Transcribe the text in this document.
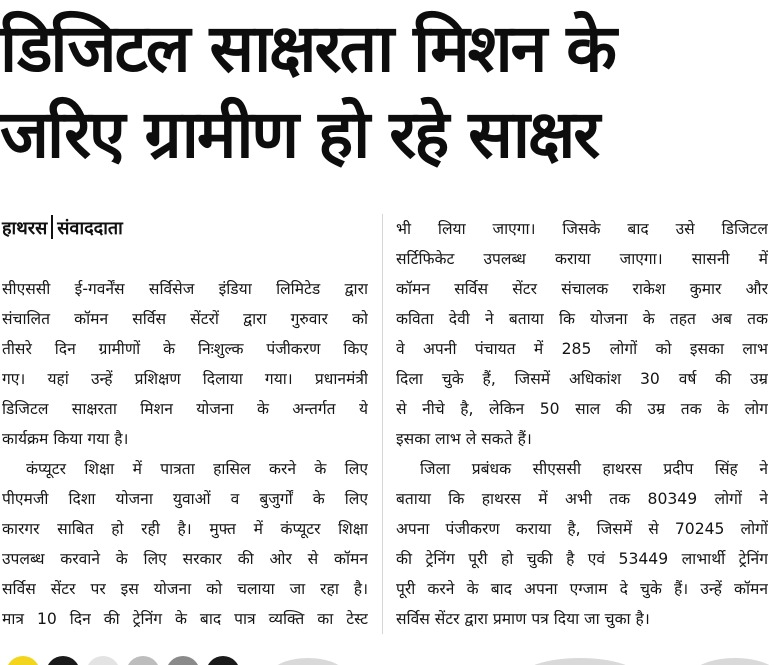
डिजिटल साक्षरता मिशन के
जरिए ग्रामीण हो रहे साक्षर
हाथरस संवाददाता
सीएससी ई-गवर्नेंस सर्विसेज इंडिया लिमिटेड द्वारा
संचालित कॉमन सर्विस सेंटरों द्वारा गुरुवार को
तीसरे दिन ग्रामीणों के निःशुल्क पंजीकरण किए
गए। यहां उन्हें प्रशिक्षण दिलाया गया। प्रधानमंत्री
डिजिटल साक्षरता मिशन योजना के अन्तर्गत ये
कार्यक्रम किया गया है।
कंप्यूटर शिक्षा में पात्रता हासिल करने के लिए
पीएमजी दिशा योजना युवाओं व बुजुर्गों के लिए
कारगर साबित हो रही है। मुफ्त में कंप्यूटर शिक्षा
उपलब्ध करवाने के लिए सरकार की ओर से कॉमन
सर्विस सेंटर पर इस योजना को चलाया जा रहा है।
मात्र 10 दिन की ट्रेनिंग के बाद पात्र व्यक्ति का टेस्ट
भी लिया जाएगा। जिसके बाद उसे डिजिटल
सर्टिफिकेट उपलब्ध कराया जाएगा। सासनी में
कॉमन सर्विस सेंटर संचालक राकेश कुमार और
कविता देवी ने बताया कि योजना के तहत अब तक
वे अपनी पंचायत में 285 लोगों को इसका लाभ
दिला चुके हैं, जिसमें अधिकांश 30 वर्ष की उम्र
से नीचे है, लेकिन 50 साल की उम्र तक के लोग
इसका लाभ ले सकते हैं।
जिला प्रबंधक सीएससी हाथरस प्रदीप सिंह ने
बताया कि हाथरस में अभी तक 80349 लोगों ने
अपना पंजीकरण कराया है, जिसमें से 70245 लोगों
की ट्रेनिंग पूरी हो चुकी है एवं 53449 लाभार्थी ट्रेनिंग
पूरी करने के बाद अपना एग्जाम दे चुके हैं। उन्हें कॉमन
सर्विस सेंटर द्वारा प्रमाण पत्र दिया जा चुका है।
